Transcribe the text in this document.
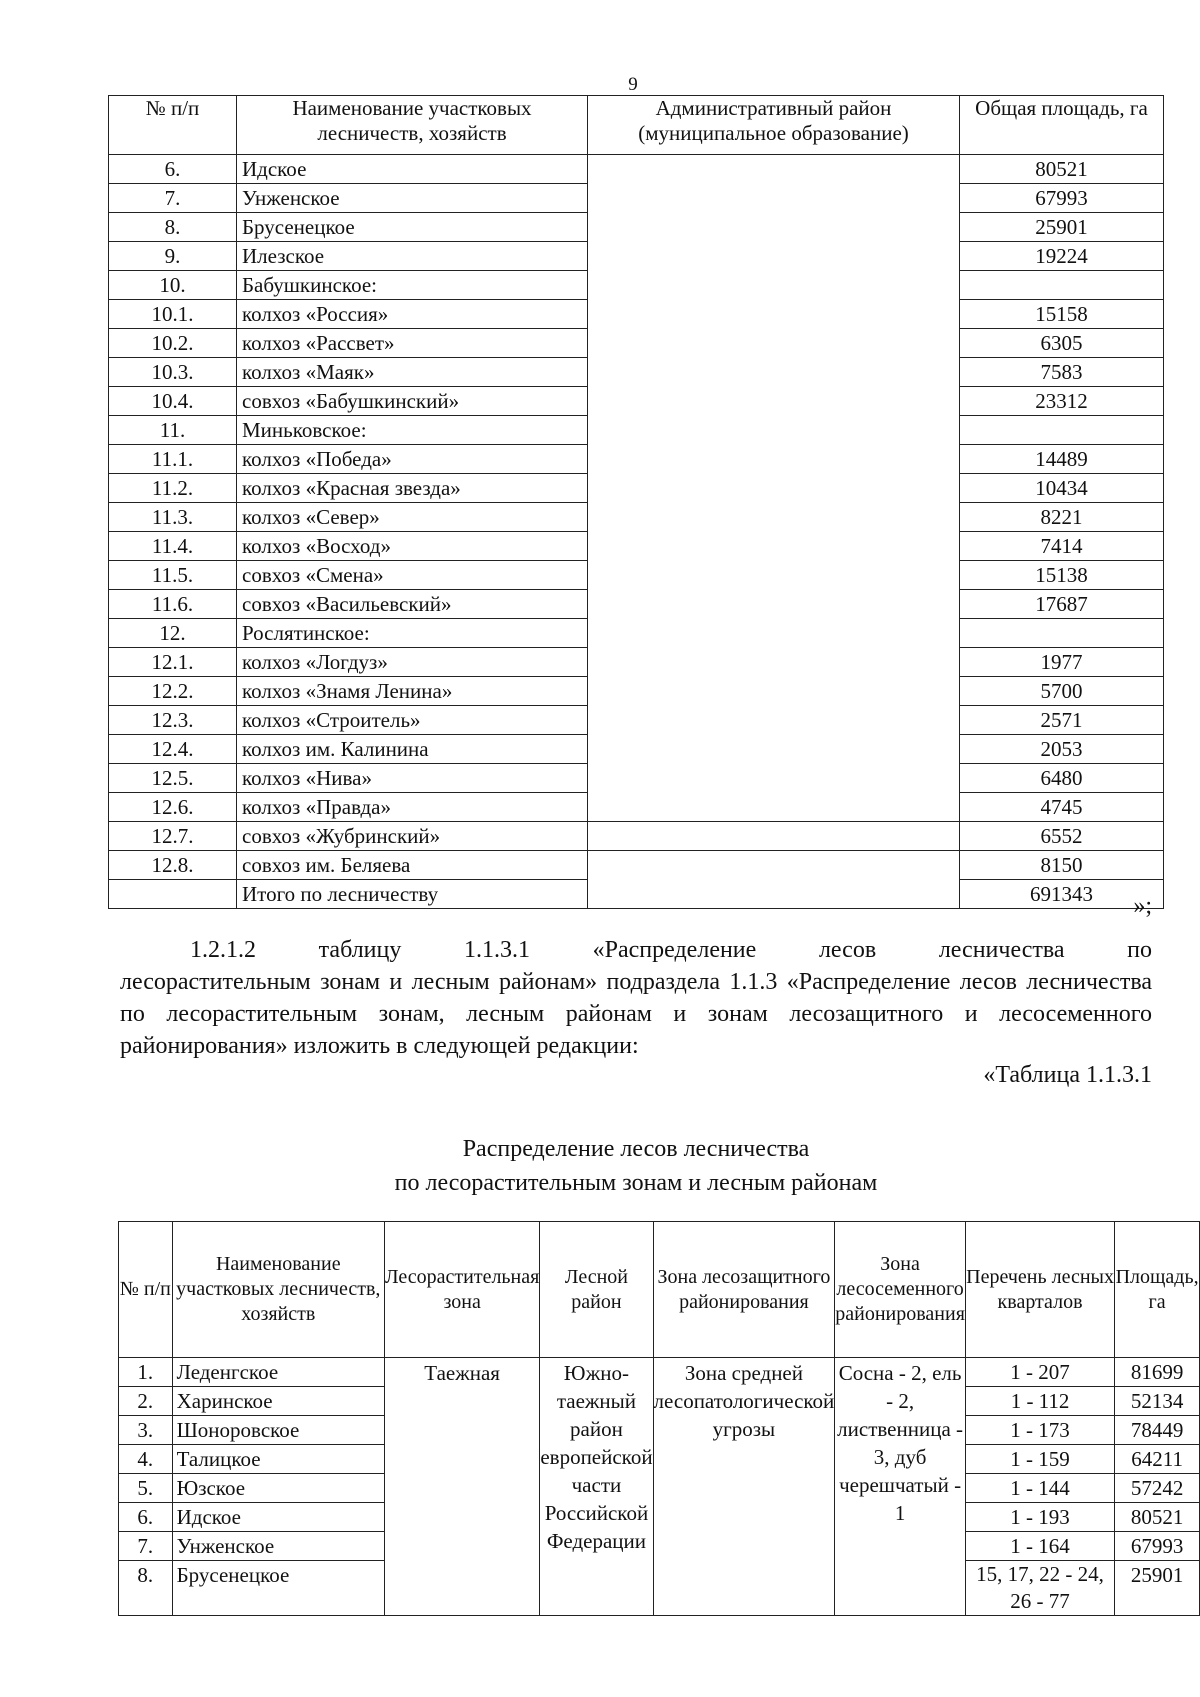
9
№ п/п	Наименование участковых лесничеств, хозяйств	Административный район (муниципальное образование)	Общая площадь, га
6.	Идское		80521
7.	Унженское		67993
8.	Брусенецкое		25901
9.	Илезское		19224
10.	Бабушкинское:		
10.1.	колхоз «Россия»		15158
10.2.	колхоз «Рассвет»		6305
10.3.	колхоз «Маяк»		7583
10.4.	совхоз «Бабушкинский»		23312
11.	Миньковское:		
11.1.	колхоз «Победа»		14489
11.2.	колхоз «Красная звезда»		10434
11.3.	колхоз «Север»		8221
11.4.	колхоз «Восход»		7414
11.5.	совхоз «Смена»		15138
11.6.	совхоз «Васильевский»		17687
12.	Рослятинское:		
12.1.	колхоз «Логдуз»		1977
12.2.	колхоз «Знамя Ленина»		5700
12.3.	колхоз «Строитель»		2571
12.4.	колхоз им. Калинина		2053
12.5.	колхоз «Нива»		6480
12.6.	колхоз «Правда»		4745
12.7.	совхоз «Жубринский»		6552
12.8.	совхоз им. Беляева		8150
	Итого по лесничеству		691343	»;
1.2.1.2 таблицу	1.1.3.1	«Распределение	лесов	лесничества	по
лесорастительным зонам и лесным районам» подраздела 1.1.3 «Распределение лесов лесничества по лесорастительным зонам, лесным районам и зонам лесозащитного и лесосеменного районирования» изложить в следующей редакции:
«Таблица 1.1.3.1
Распределение лесов лесничества
по лесорастительным зонам и лесным районам
№ п/п	Наименование участковых лесничеств, хозяйств	Лесорастительная зона	Лесной район	Зона лесозащитного районирования	Зона лесосеменного районирования	Перечень лесных кварталов	Площадь, га
1.	Леденгское	Таежная	Южно-таежный район европейской части Российской Федерации	Зона средней лесопатологической угрозы	Сосна - 2, ель - 2, лиственница - 3, дуб черешчатый - 1	1 - 207	81699
2.	Харинское					1 - 112	52134
3.	Шоноровское					1 - 173	78449
4.	Талицкое					1 - 159	64211
5.	Юзское					1 - 144	57242
6.	Идское					1 - 193	80521
7.	Унженское					1 - 164	67993
8.	Брусенецкое					15, 17, 22 - 24, 26 - 77	25901
